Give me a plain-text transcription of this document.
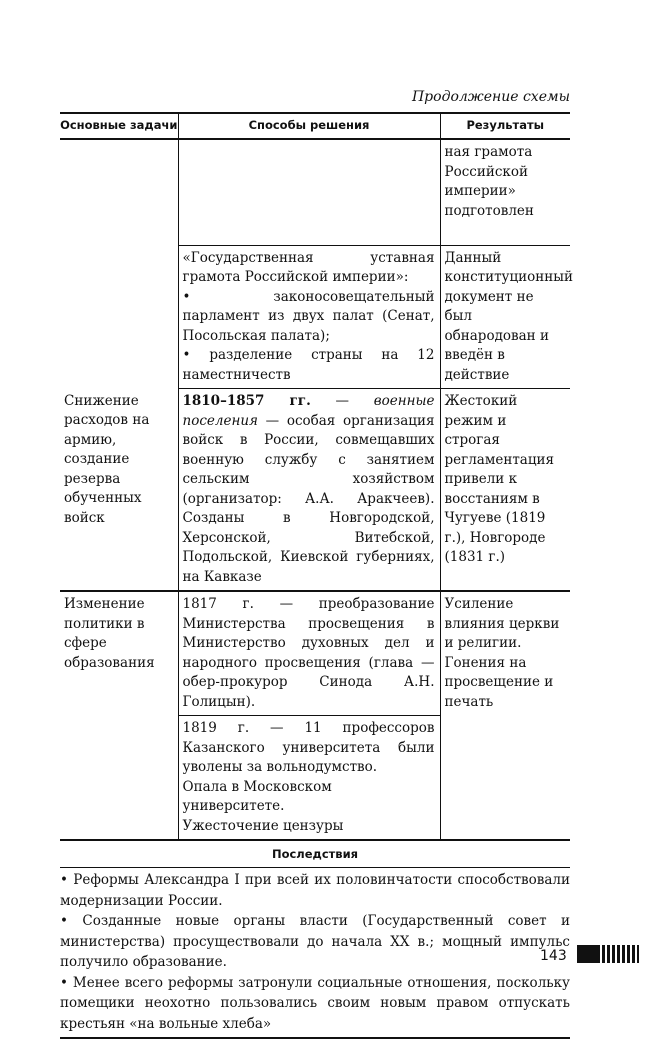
Продолжение схемы
Основные задачи	Способы решения	Результаты
		ная грамота Российской империи» подготовлен

	«Государственная уставная грамота Российской империи»:
• законосовещательный парламент из двух палат (Сенат, Посольская палата);
• разделение страны на 12 наместничеств	Данный конституционный документ не был обнародован и введён в действие
Снижение расходов на армию, создание резерва обученных войск	1810–1857 гг. — военные поселения — особая организация войск в России, совмещавших военную службу с занятием сельским хозяйством (организатор: А.А. Аракчеев). Созданы в Новгородской, Херсонской, Витебской, Подольской, Киевской губерниях, на Кавказе	Жестокий режим и строгая регламентация привели к восстаниям в Чугуеве (1819 г.), Новгороде (1831 г.)
Изменение политики в сфере образования	1817 г. — преобразование Министерства просвещения в Министерство духовных дел и народного просвещения (глава — обер-прокурор Синода А.Н. Голицын).	Усиление влияния церкви и религии. Гонения на просвещение и печать

	1819 г. — 11 профессоров Казанского университета были уволены за вольнодумство.
Опала в Московском университете.
Ужесточение цензуры	

Последствия

• Реформы Александра I при всей их половинчатости способствовали модернизации России.

• Созданные новые органы власти (Государственный совет и министерства) просуществовали до начала XX в.; мощный импульс получило образование.

• Менее всего реформы затронули социальные отношения, поскольку помещики неохотно пользовались своим новым правом отпускать крестьян «на вольные хлеба»		

143
